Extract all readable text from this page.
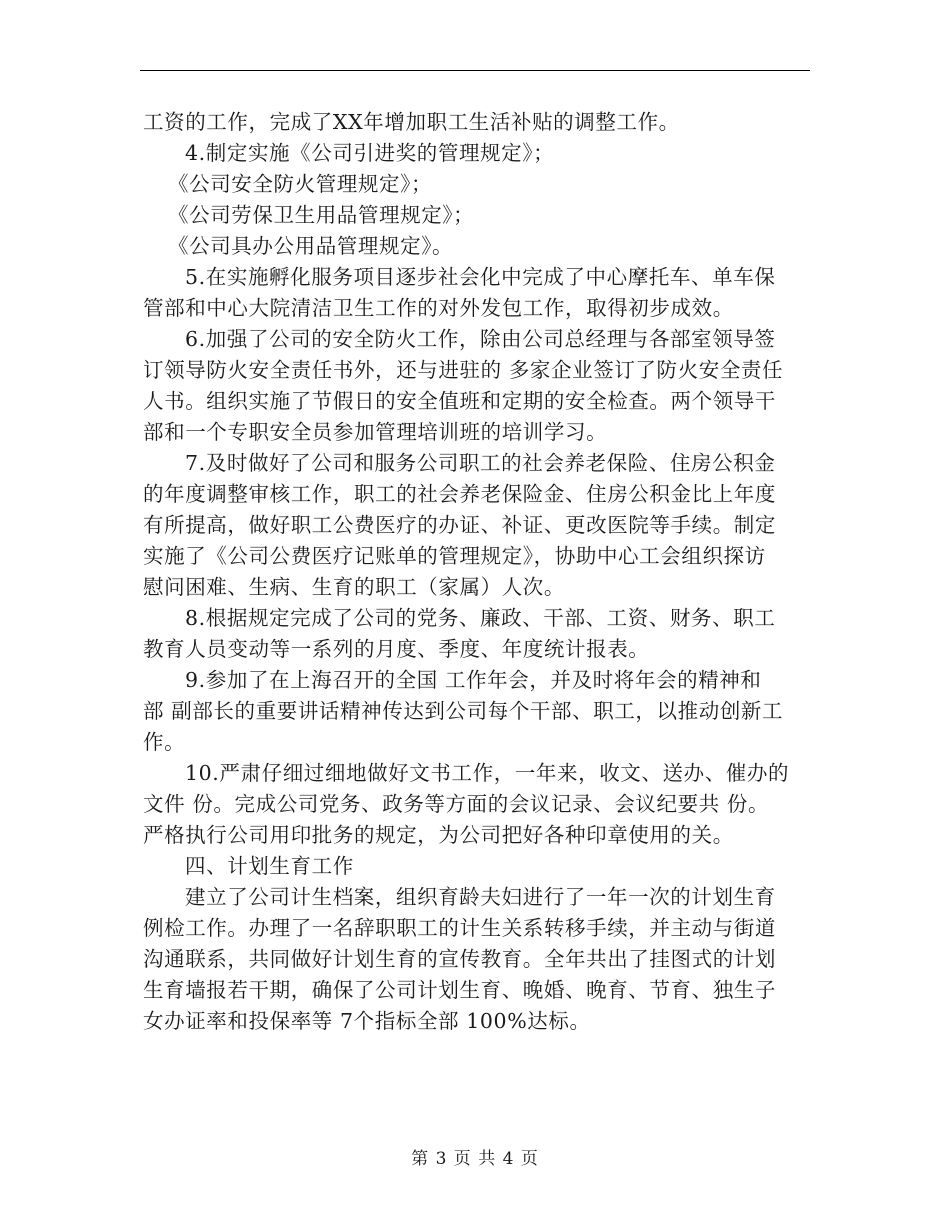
工资的工作，完成了XX年增加职工生活补贴的调整工作。

4.制定实施《公司引进奖的管理规定》；

《公司安全防火管理规定》；

《公司劳保卫生用品管理规定》；

《公司具办公用品管理规定》。

5.在实施孵化服务项目逐步社会化中完成了中心摩托车、单车保

管部和中心大院清洁卫生工作的对外发包工作，取得初步成效。

6.加强了公司的安全防火工作，除由公司总经理与各部室领导签

订领导防火安全责任书外，还与进驻的 多家企业签订了防火安全责任

人书。组织实施了节假日的安全值班和定期的安全检查。两个领导干

部和一个专职安全员参加管理培训班的培训学习。

7.及时做好了公司和服务公司职工的社会养老保险、住房公积金

的年度调整审核工作，职工的社会养老保险金、住房公积金比上年度

有所提高，做好职工公费医疗的办证、补证、更改医院等手续。制定

实施了《公司公费医疗记账单的管理规定》，协助中心工会组织探访

慰问困难、生病、生育的职工（家属）人次。

8.根据规定完成了公司的党务、廉政、干部、工资、财务、职工

教育人员变动等一系列的月度、季度、年度统计报表。

9.参加了在上海召开的全国 工作年会，并及时将年会的精神和

部 副部长的重要讲话精神传达到公司每个干部、职工，以推动创新工

作。

10.严肃仔细过细地做好文书工作，一年来，收文、送办、催办的

文件 份。完成公司党务、政务等方面的会议记录、会议纪要共 份。

严格执行公司用印批务的规定，为公司把好各种印章使用的关。

四、计划生育工作

建立了公司计生档案，组织育龄夫妇进行了一年一次的计划生育

例检工作。办理了一名辞职职工的计生关系转移手续，并主动与街道

沟通联系，共同做好计划生育的宣传教育。全年共出了挂图式的计划

生育墙报若干期，确保了公司计划生育、晚婚、晚育、节育、独生子

女办证率和投保率等 7个指标全部 100%达标。

第 3 页 共 4 页
